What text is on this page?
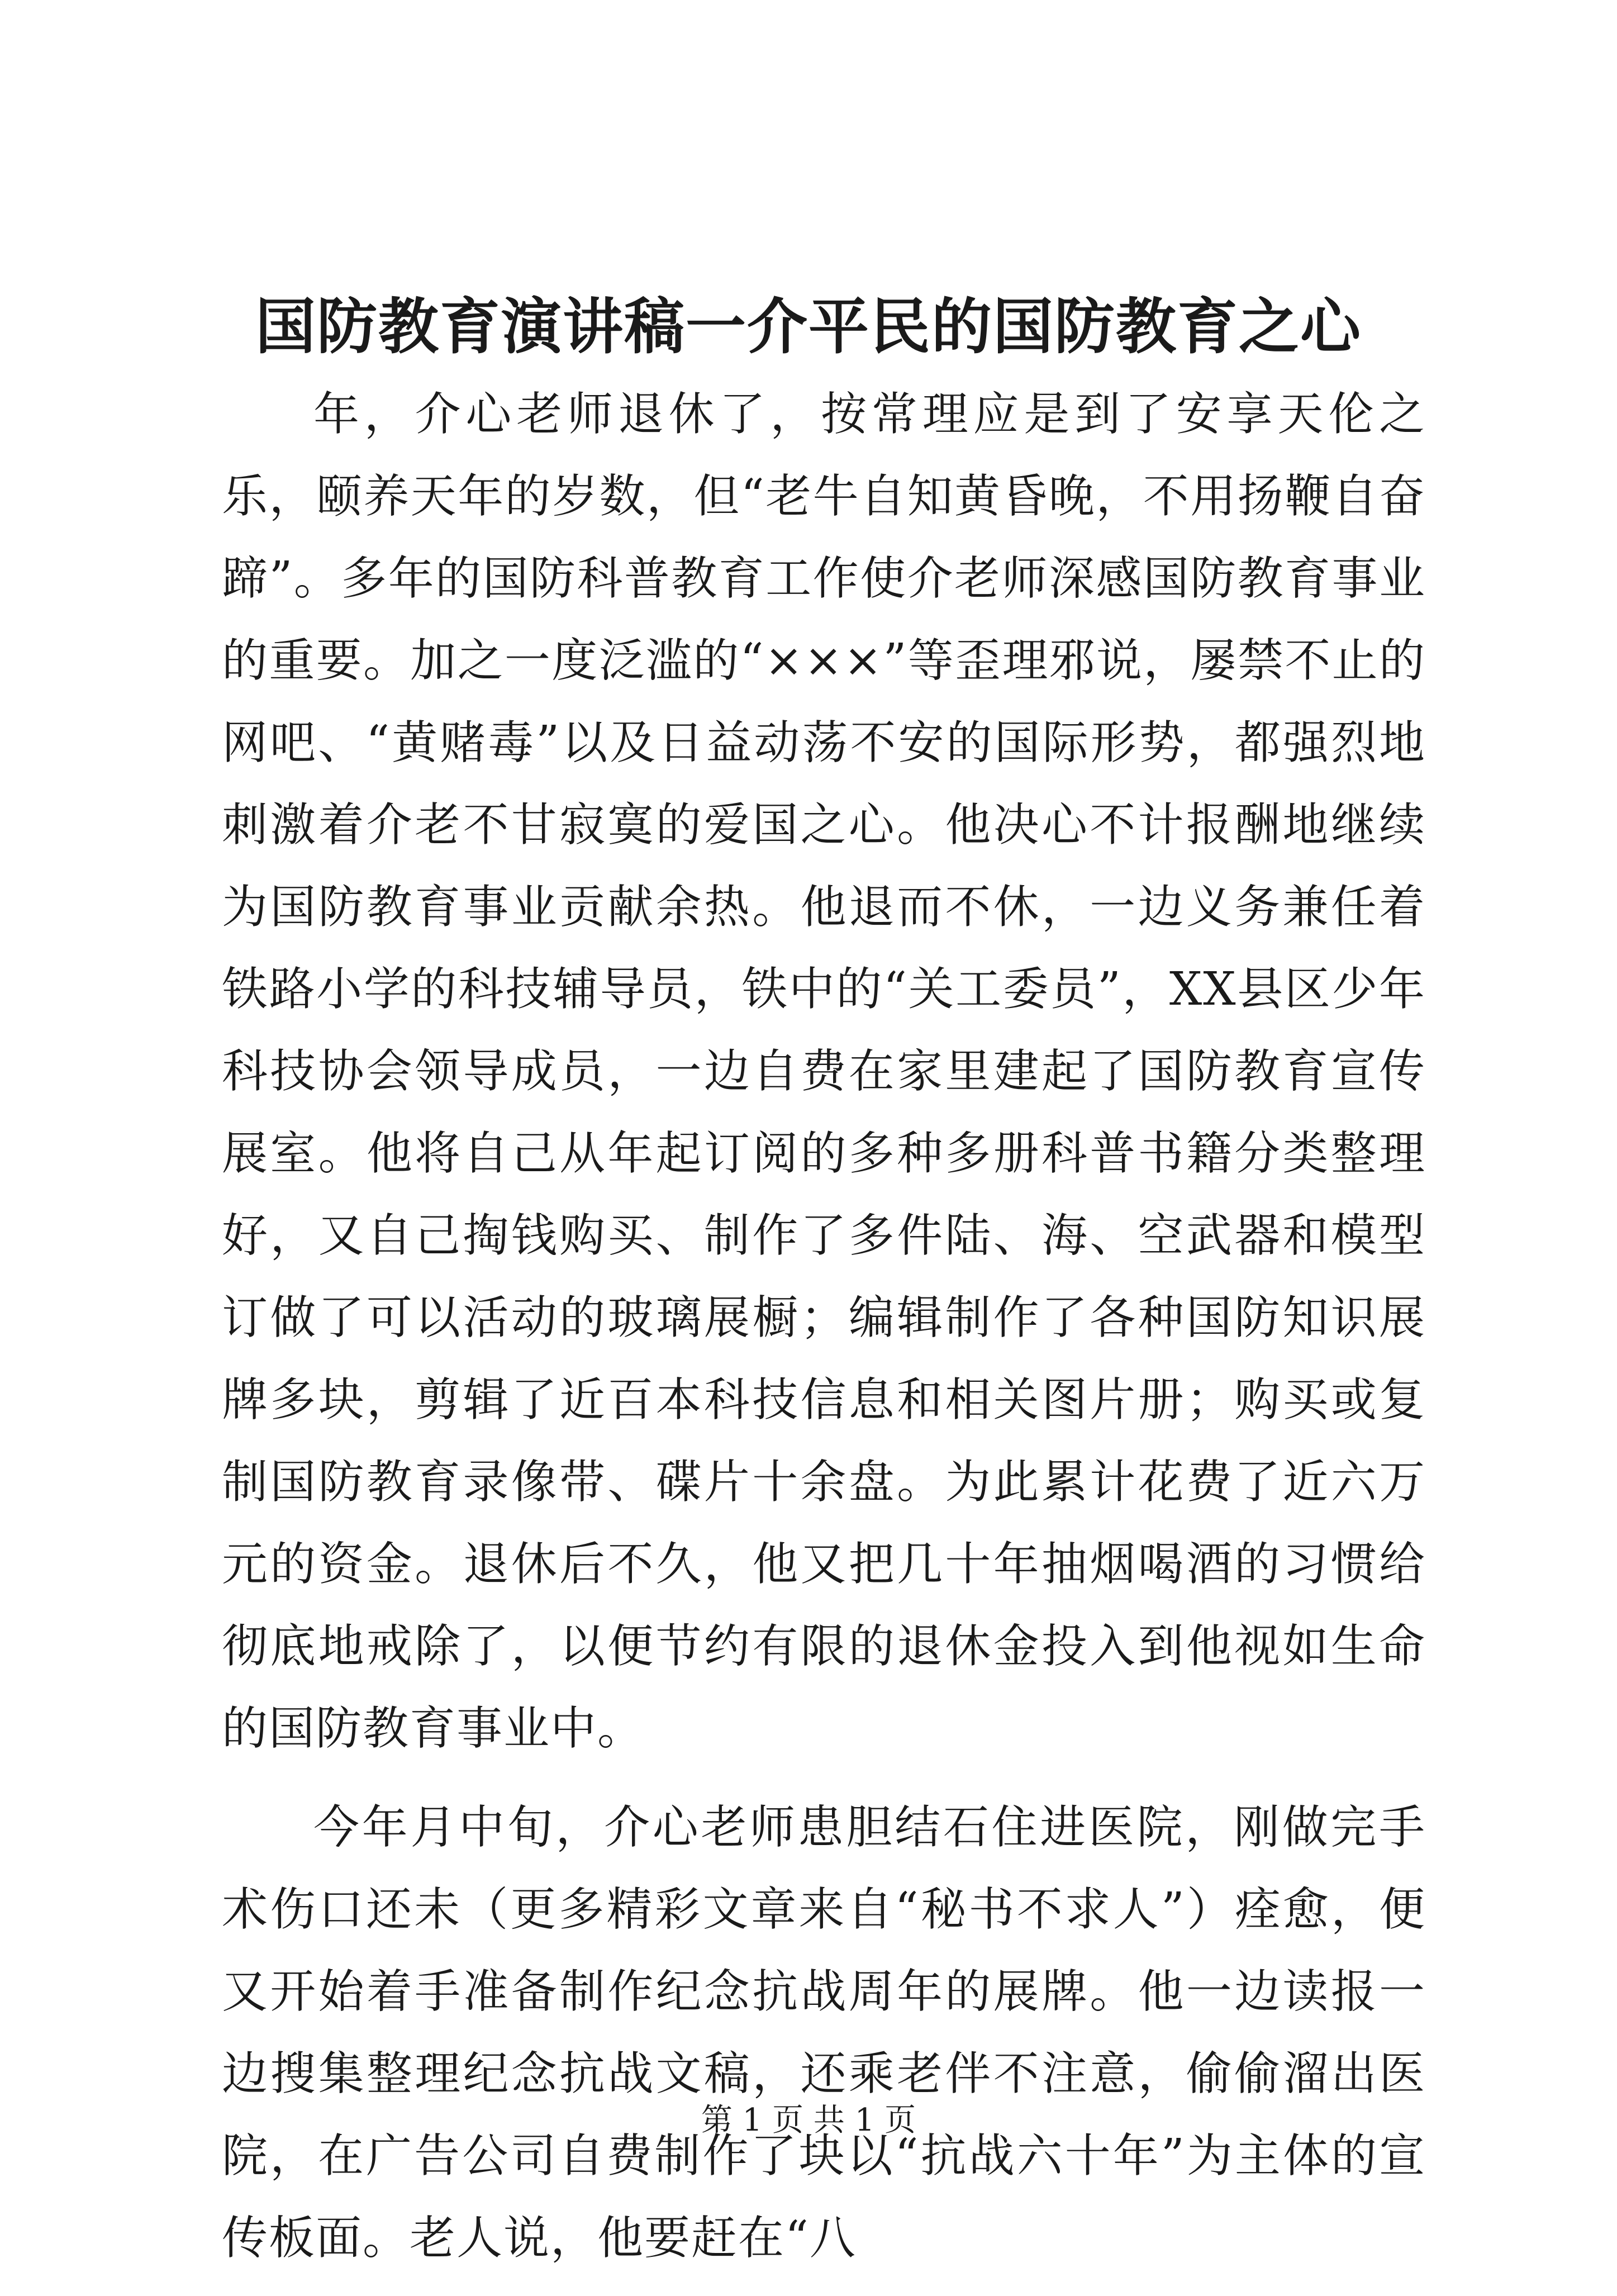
国防教育演讲稿一介平民的国防教育之心

年，介心老师退休了，按常理应是到了安享天伦之乐，颐养天年的岁数，但“老牛自知黄昏晚，不用扬鞭自奋蹄”。多年的国防科普教育工作使介老师深感国防教育事业的重要。加之一度泛滥的“×××”等歪理邪说，屡禁不止的网吧、“黄赌毒”以及日益动荡不安的国际形势，都强烈地刺激着介老不甘寂寞的爱国之心。他决心不计报酬地继续为国防教育事业贡献余热。他退而不休，一边义务兼任着铁路小学的科技辅导员，铁中的“关工委员”，XX县区少年科技协会领导成员，一边自费在家里建起了国防教育宣传展室。他将自己从年起订阅的多种多册科普书籍分类整理好，又自己掏钱购买、制作了多件陆、海、空武器和模型订做了可以活动的玻璃展橱；编辑制作了各种国防知识展牌多块，剪辑了近百本科技信息和相关图片册；购买或复制国防教育录像带、碟片十余盘。为此累计花费了近六万元的资金。退休后不久，他又把几十年抽烟喝酒的习惯给彻底地戒除了，以便节约有限的退休金投入到他视如生命的国防教育事业中。

今年月中旬，介心老师患胆结石住进医院，刚做完手术伤口还未（更多精彩文章来自“秘书不求人”）痊愈，便又开始着手准备制作纪念抗战周年的展牌。他一边读报一边搜集整理纪念抗战文稿，还乘老伴不注意，偷偷溜出医院，在广告公司自费制作了块以“抗战六十年”为主体的宣传板面。老人说，他要赶在“八

第 1 页 共 1 页
